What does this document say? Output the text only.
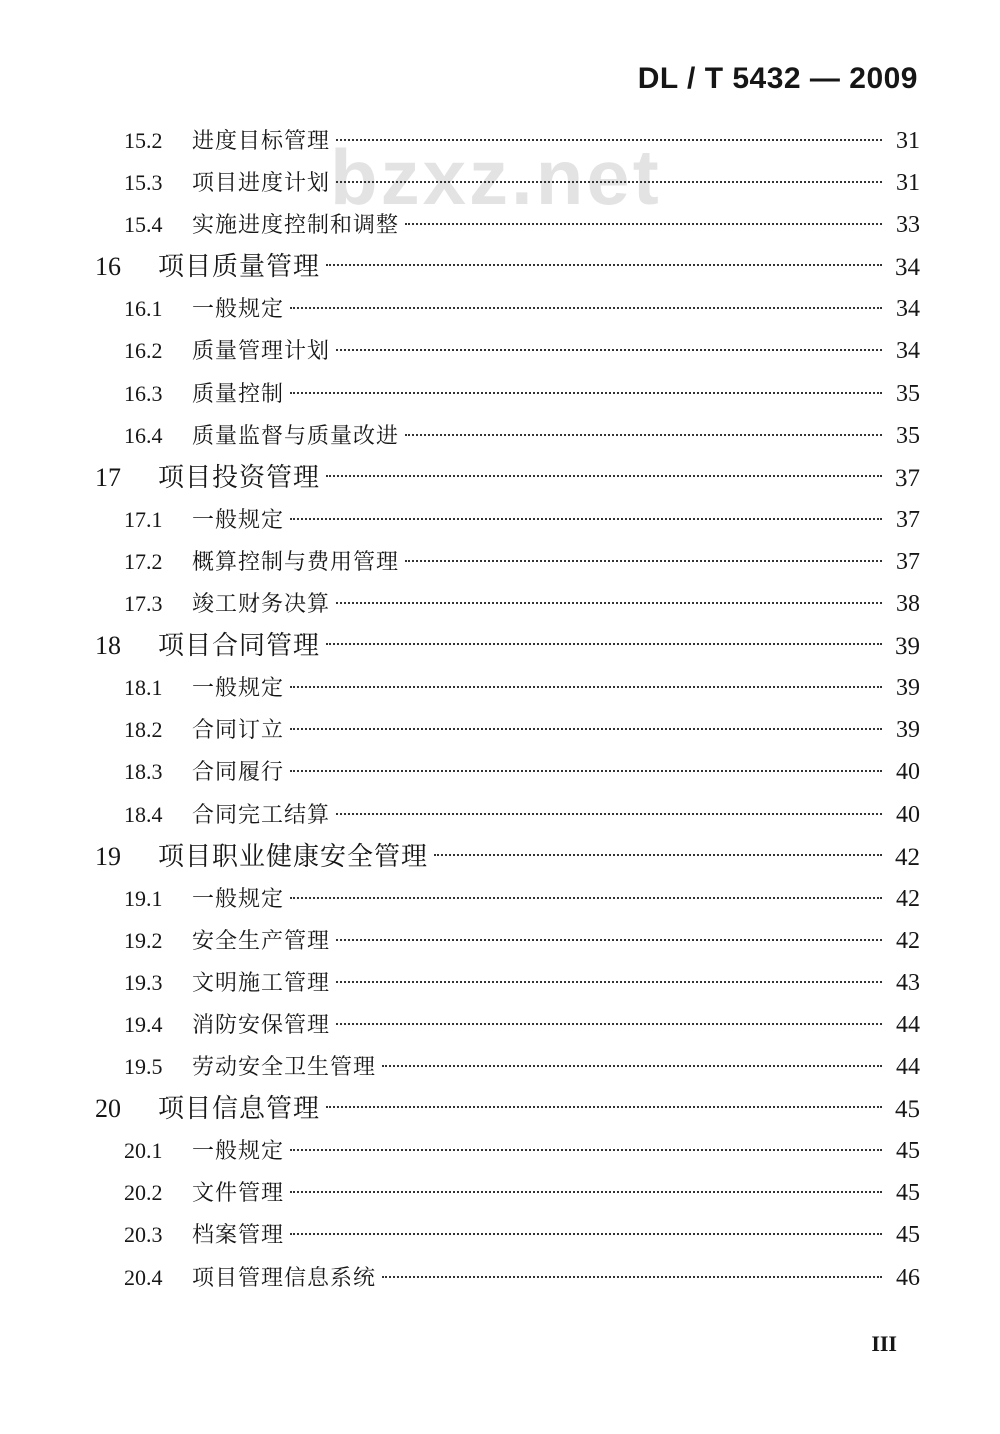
DL / T 5432 — 2009
bzxz.net
15.2	进度目标管理	31
15.3	项目进度计划	31
15.4	实施进度控制和调整	33
16	项目质量管理	34
16.1	一般规定	34
16.2	质量管理计划	34
16.3	质量控制	35
16.4	质量监督与质量改进	35
17	项目投资管理	37
17.1	一般规定	37
17.2	概算控制与费用管理	37
17.3	竣工财务决算	38
18	项目合同管理	39
18.1	一般规定	39
18.2	合同订立	39
18.3	合同履行	40
18.4	合同完工结算	40
19	项目职业健康安全管理	42
19.1	一般规定	42
19.2	安全生产管理	42
19.3	文明施工管理	43
19.4	消防安保管理	44
19.5	劳动安全卫生管理	44
20	项目信息管理	45
20.1	一般规定	45
20.2	文件管理	45
20.3	档案管理	45
20.4	项目管理信息系统	46
III
